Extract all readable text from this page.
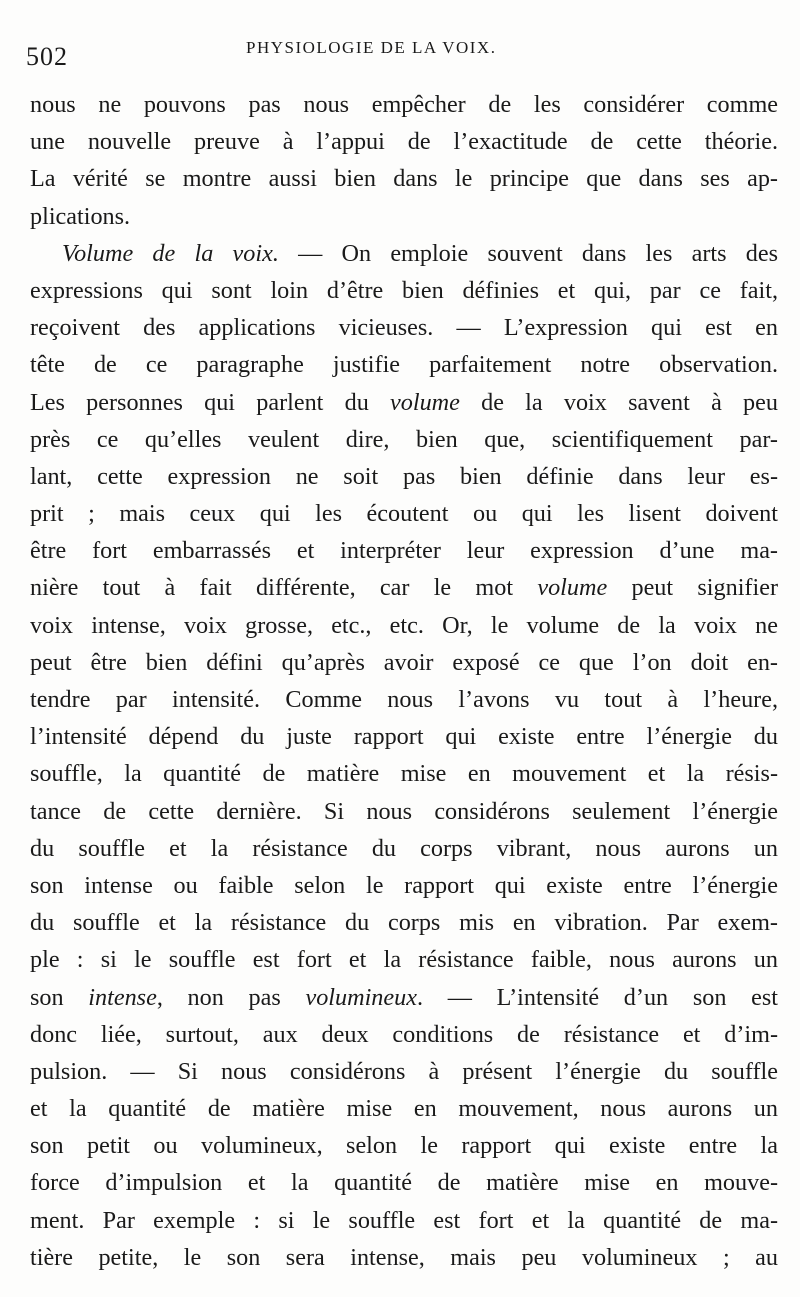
502	PHYSIOLOGIE DE LA VOIX.
nous ne pouvons pas nous empêcher de les considérer comme
une nouvelle preuve à l’appui de l’exactitude de cette théorie.
La vérité se montre aussi bien dans le principe que dans ses ap-
plications.
Volume de la voix. — On emploie souvent dans les arts des
expressions qui sont loin d’être bien définies et qui, par ce fait,
reçoivent des applications vicieuses. — L’expression qui est en
tête de ce paragraphe justifie parfaitement notre observation.
Les personnes qui parlent du volume de la voix savent à peu
près ce qu’elles veulent dire, bien que, scientifiquement par-
lant, cette expression ne soit pas bien définie dans leur es-
prit ; mais ceux qui les écoutent ou qui les lisent doivent
être fort embarrassés et interpréter leur expression d’une ma-
nière tout à fait différente, car le mot volume peut signifier
voix intense, voix grosse, etc., etc. Or, le volume de la voix ne
peut être bien défini qu’après avoir exposé ce que l’on doit en-
tendre par intensité. Comme nous l’avons vu tout à l’heure,
l’intensité dépend du juste rapport qui existe entre l’énergie du
souffle, la quantité de matière mise en mouvement et la résis-
tance de cette dernière. Si nous considérons seulement l’énergie
du souffle et la résistance du corps vibrant, nous aurons un
son intense ou faible selon le rapport qui existe entre l’énergie
du souffle et la résistance du corps mis en vibration. Par exem-
ple : si le souffle est fort et la résistance faible, nous aurons un
son intense, non pas volumineux. — L’intensité d’un son est
donc liée, surtout, aux deux conditions de résistance et d’im-
pulsion. — Si nous considérons à présent l’énergie du souffle
et la quantité de matière mise en mouvement, nous aurons un
son petit ou volumineux, selon le rapport qui existe entre la
force d’impulsion et la quantité de matière mise en mouve-
ment. Par exemple : si le souffle est fort et la quantité de ma-
tière petite, le son sera intense, mais peu volumineux ; au
